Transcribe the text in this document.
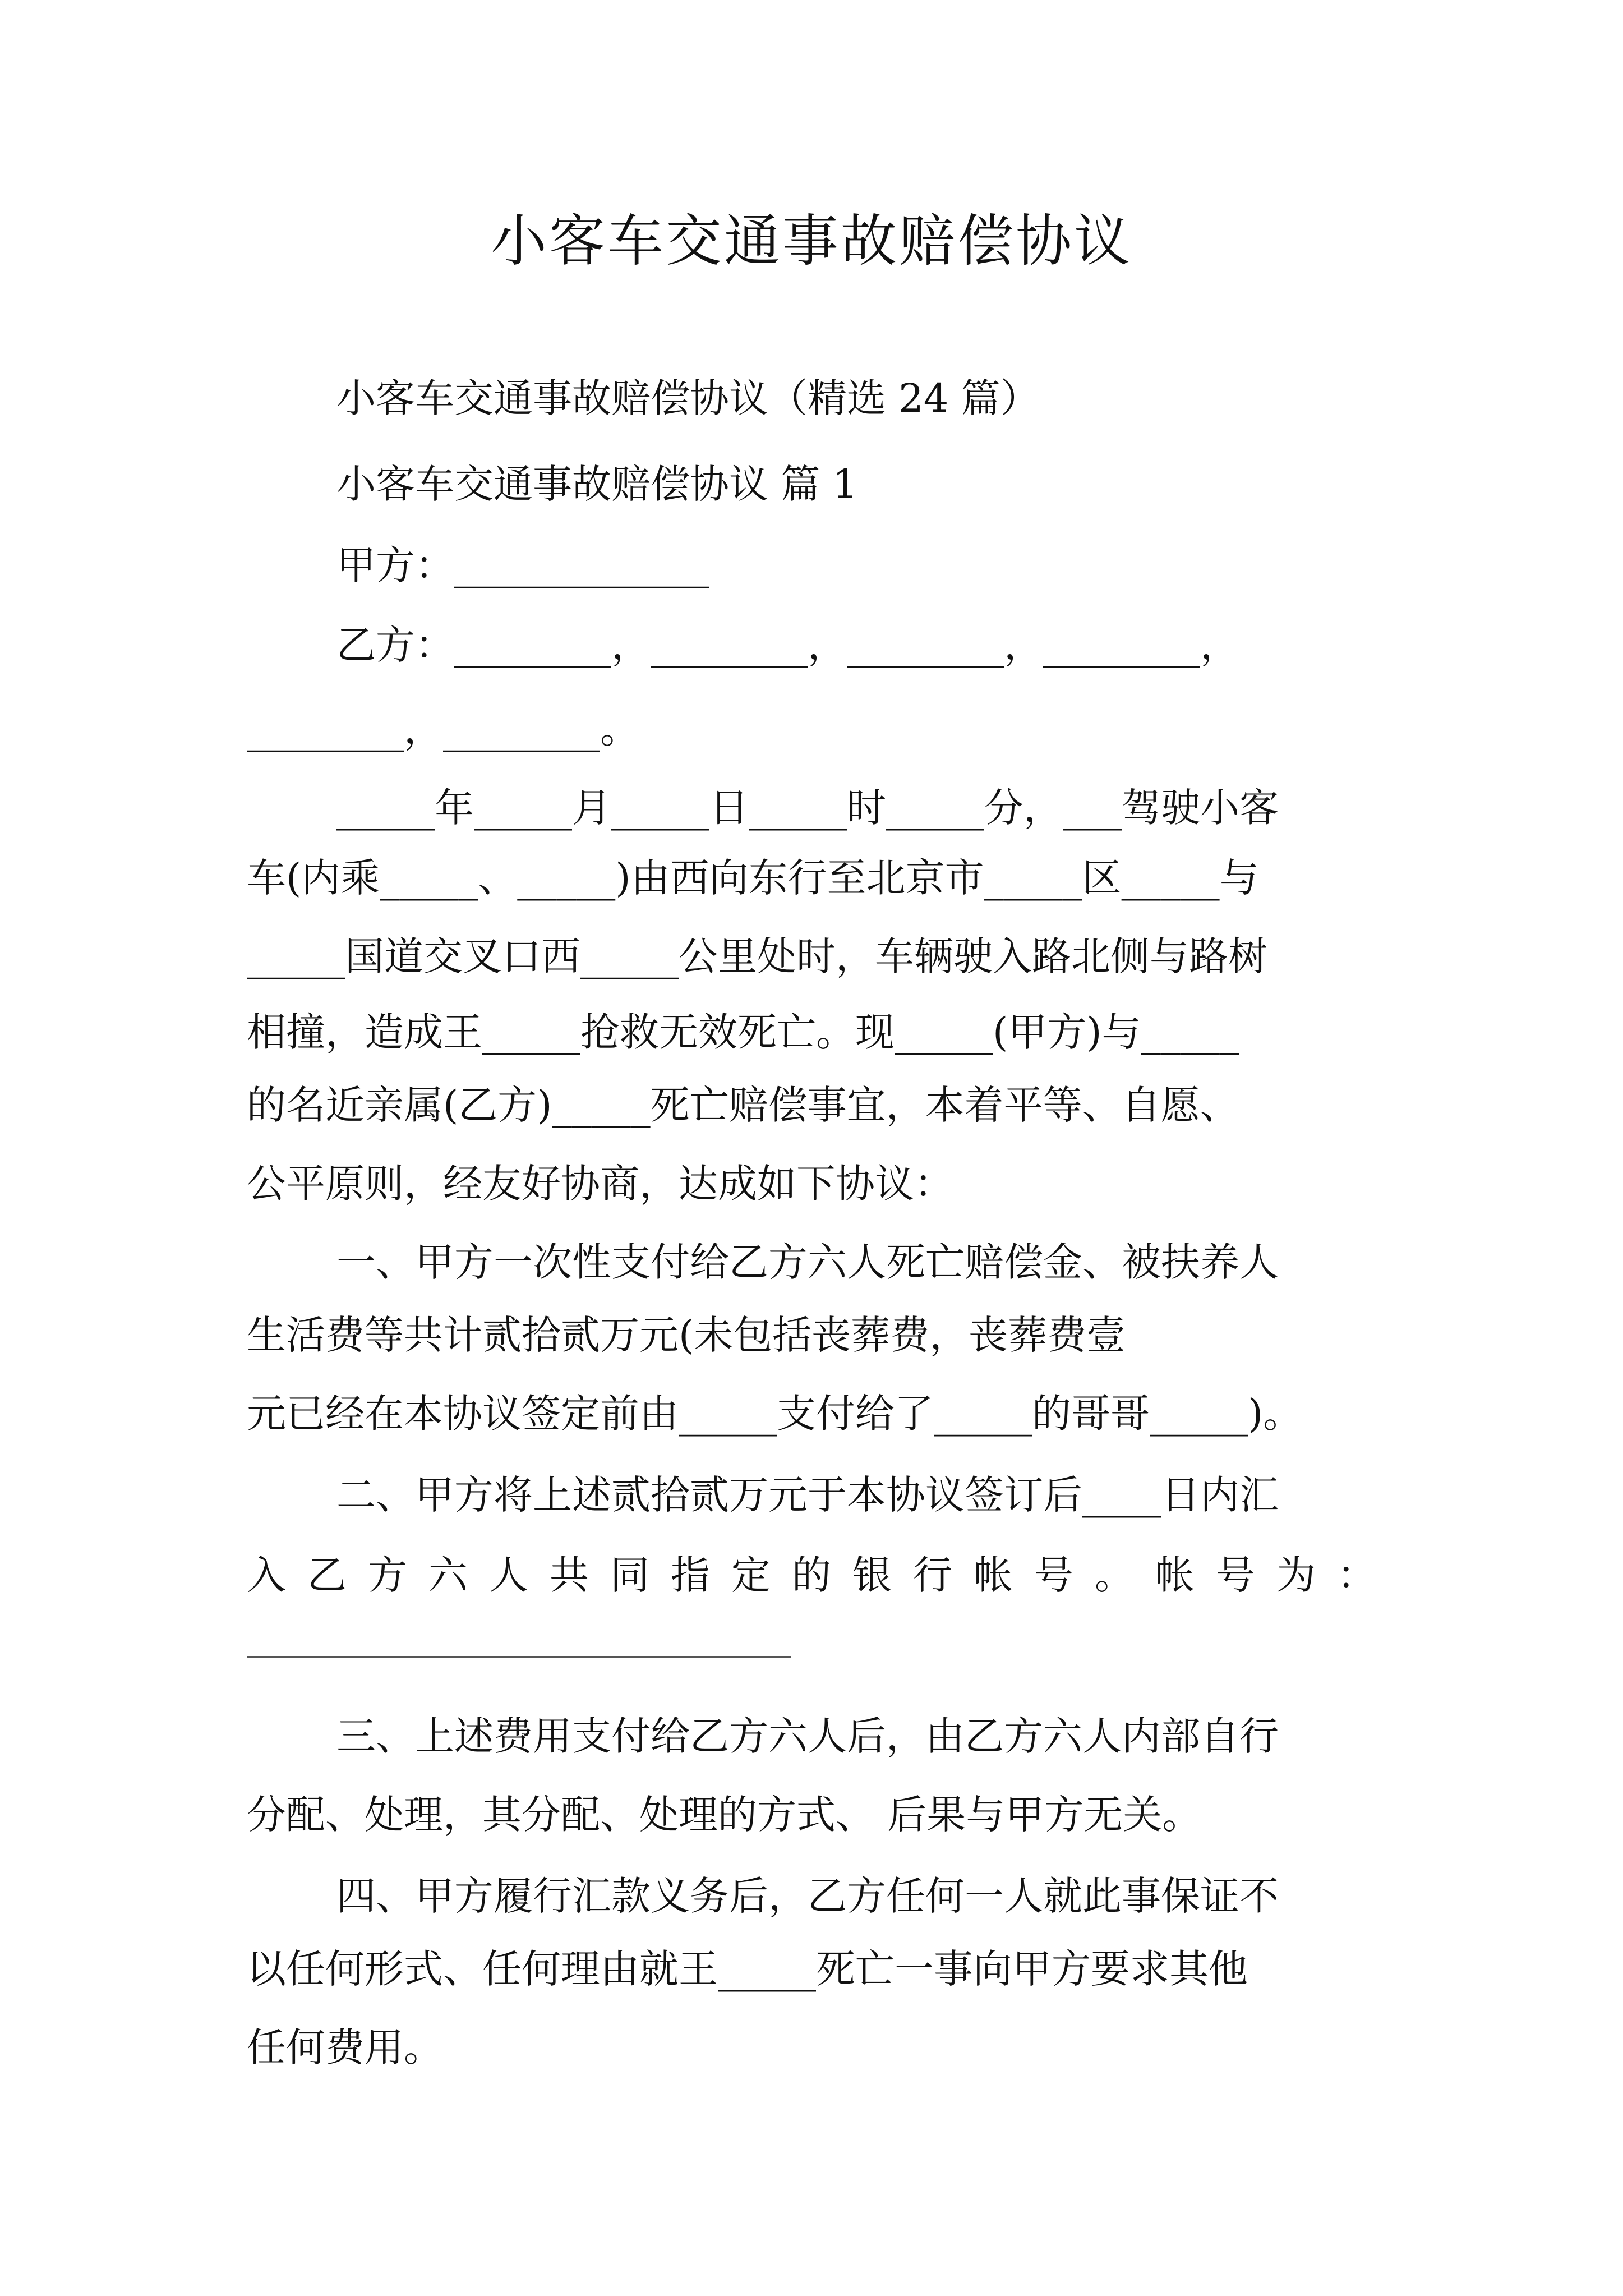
小客车交通事故赔偿协议

小客车交通事故赔偿协议（精选 24 篇）

小客车交通事故赔偿协议 篇 1

甲方：_____________

乙方：________，________，________，________，

________，________。

_____年_____月_____日_____时_____分，___驾驶小客

车(内乘_____、_____)由西向东行至北京市_____区_____与

_____国道交叉口西_____公里处时，车辆驶入路北侧与路树

相撞，造成王_____抢救无效死亡。现_____(甲方)与_____

的名近亲属(乙方)_____死亡赔偿事宜，本着平等、自愿、

公平原则，经友好协商，达成如下协议：

一、甲方一次性支付给乙方六人死亡赔偿金、被扶养人

生活费等共计贰拾贰万元(未包括丧葬费，丧葬费壹

元已经在本协议签定前由_____支付给了_____的哥哥_____)。

二、甲方将上述贰拾贰万元于本协议签订后____日内汇

入 乙 方 六 人 共 同 指 定 的 银 行 帐 号 。 帐 号 为 ：

三、上述费用支付给乙方六人后，由乙方六人内部自行

分配、处理，其分配、处理的方式、 后果与甲方无关。

四、甲方履行汇款义务后，乙方任何一人就此事保证不

以任何形式、任何理由就王_____死亡一事向甲方要求其他

任何费用。
